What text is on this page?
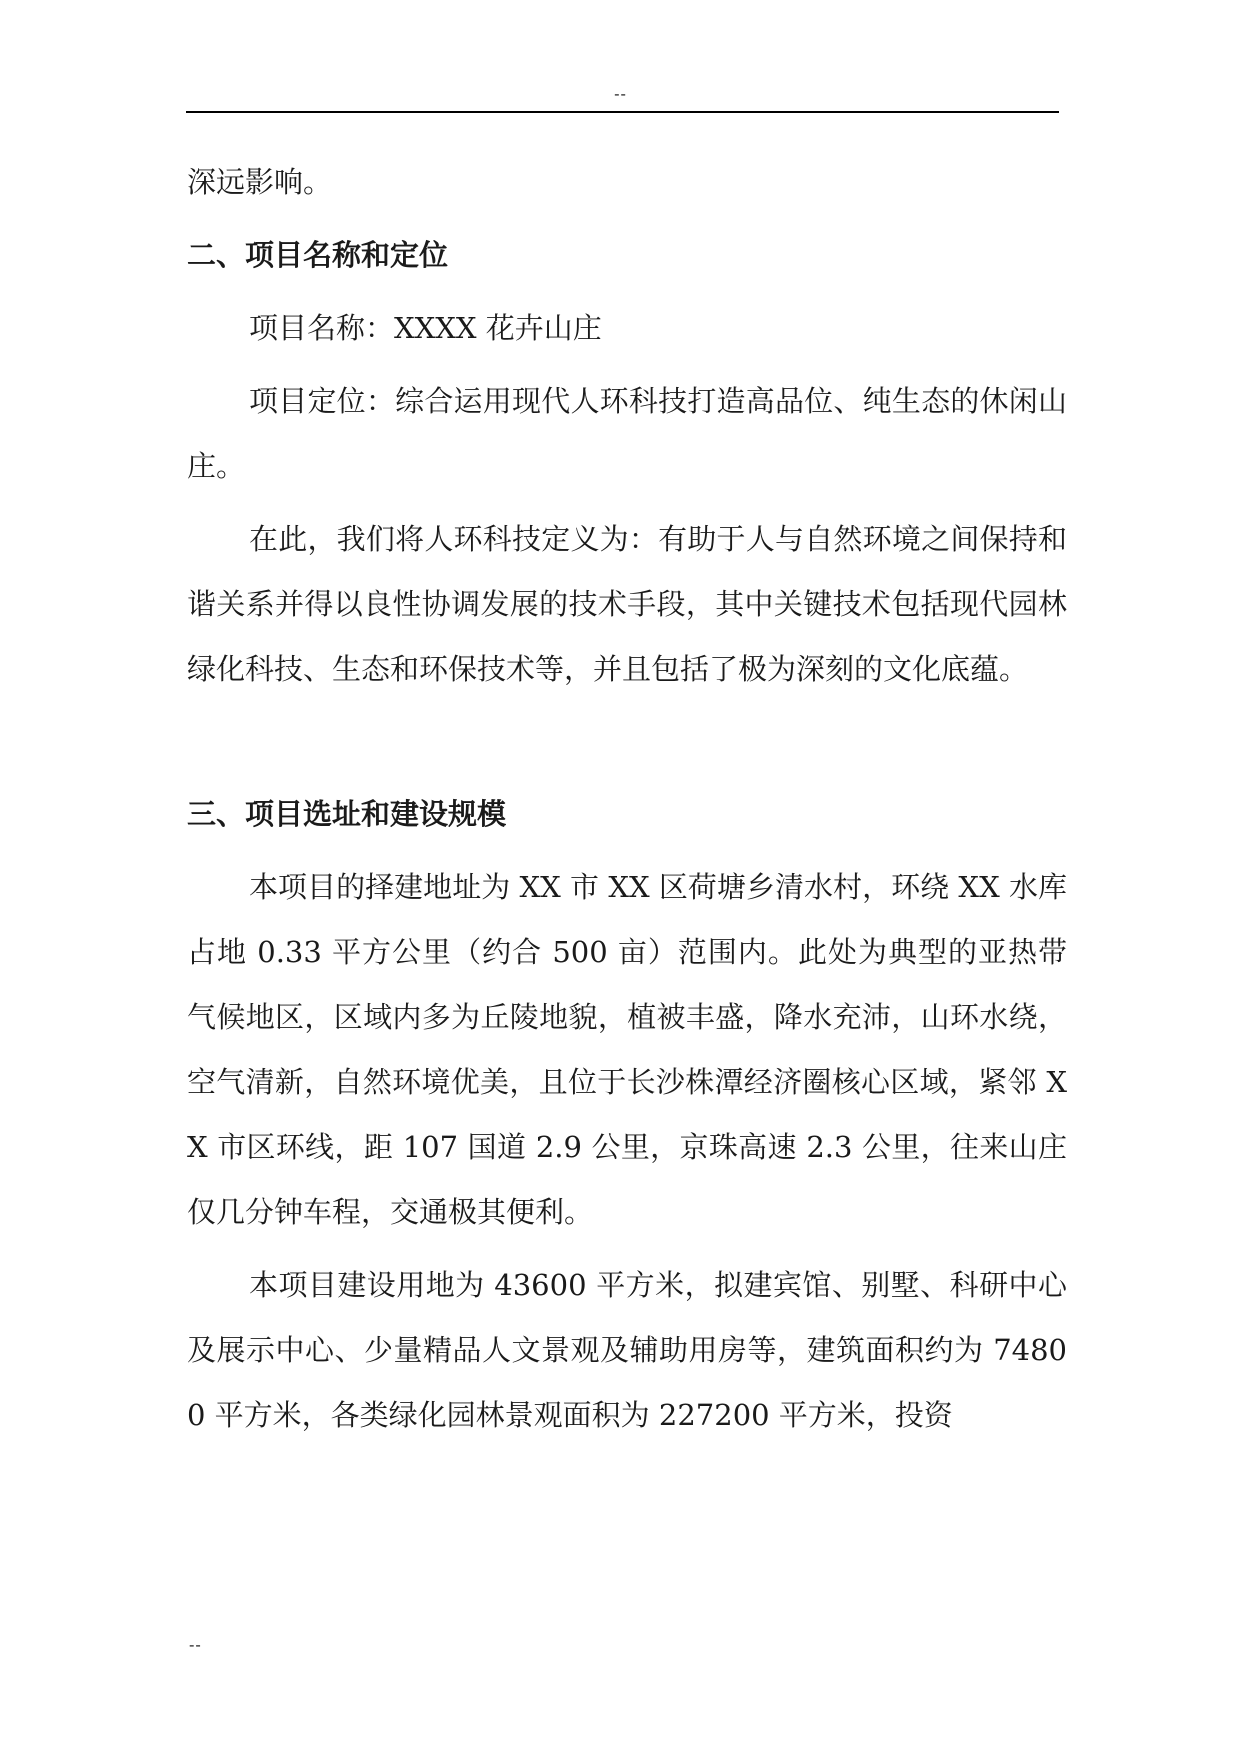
--

深远影响。

二、项目名称和定位

项目名称：XXXX 花卉山庄

项目定位：综合运用现代人环科技打造高品位、纯生态的休闲山庄。

在此，我们将人环科技定义为：有助于人与自然环境之间保持和谐关系并得以良性协调发展的技术手段，其中关键技术包括现代园林绿化科技、生态和环保技术等，并且包括了极为深刻的文化底蕴。

三、项目选址和建设规模

本项目的择建地址为 XX 市 XX 区荷塘乡清水村，环绕 XX 水库占地 0.33 平方公里（约合 500 亩）范围内。此处为典型的亚热带气候地区，区域内多为丘陵地貌，植被丰盛，降水充沛，山环水绕，空气清新，自然环境优美，且位于长沙株潭经济圈核心区域，紧邻 XX 市区环线，距 107 国道 2.9 公里，京珠高速 2.3 公里，往来山庄仅几分钟车程，交通极其便利。

本项目建设用地为 43600 平方米，拟建宾馆、别墅、科研中心及展示中心、少量精品人文景观及辅助用房等，建筑面积约为 74800 平方米，各类绿化园林景观面积为 227200 平方米，投资

--
